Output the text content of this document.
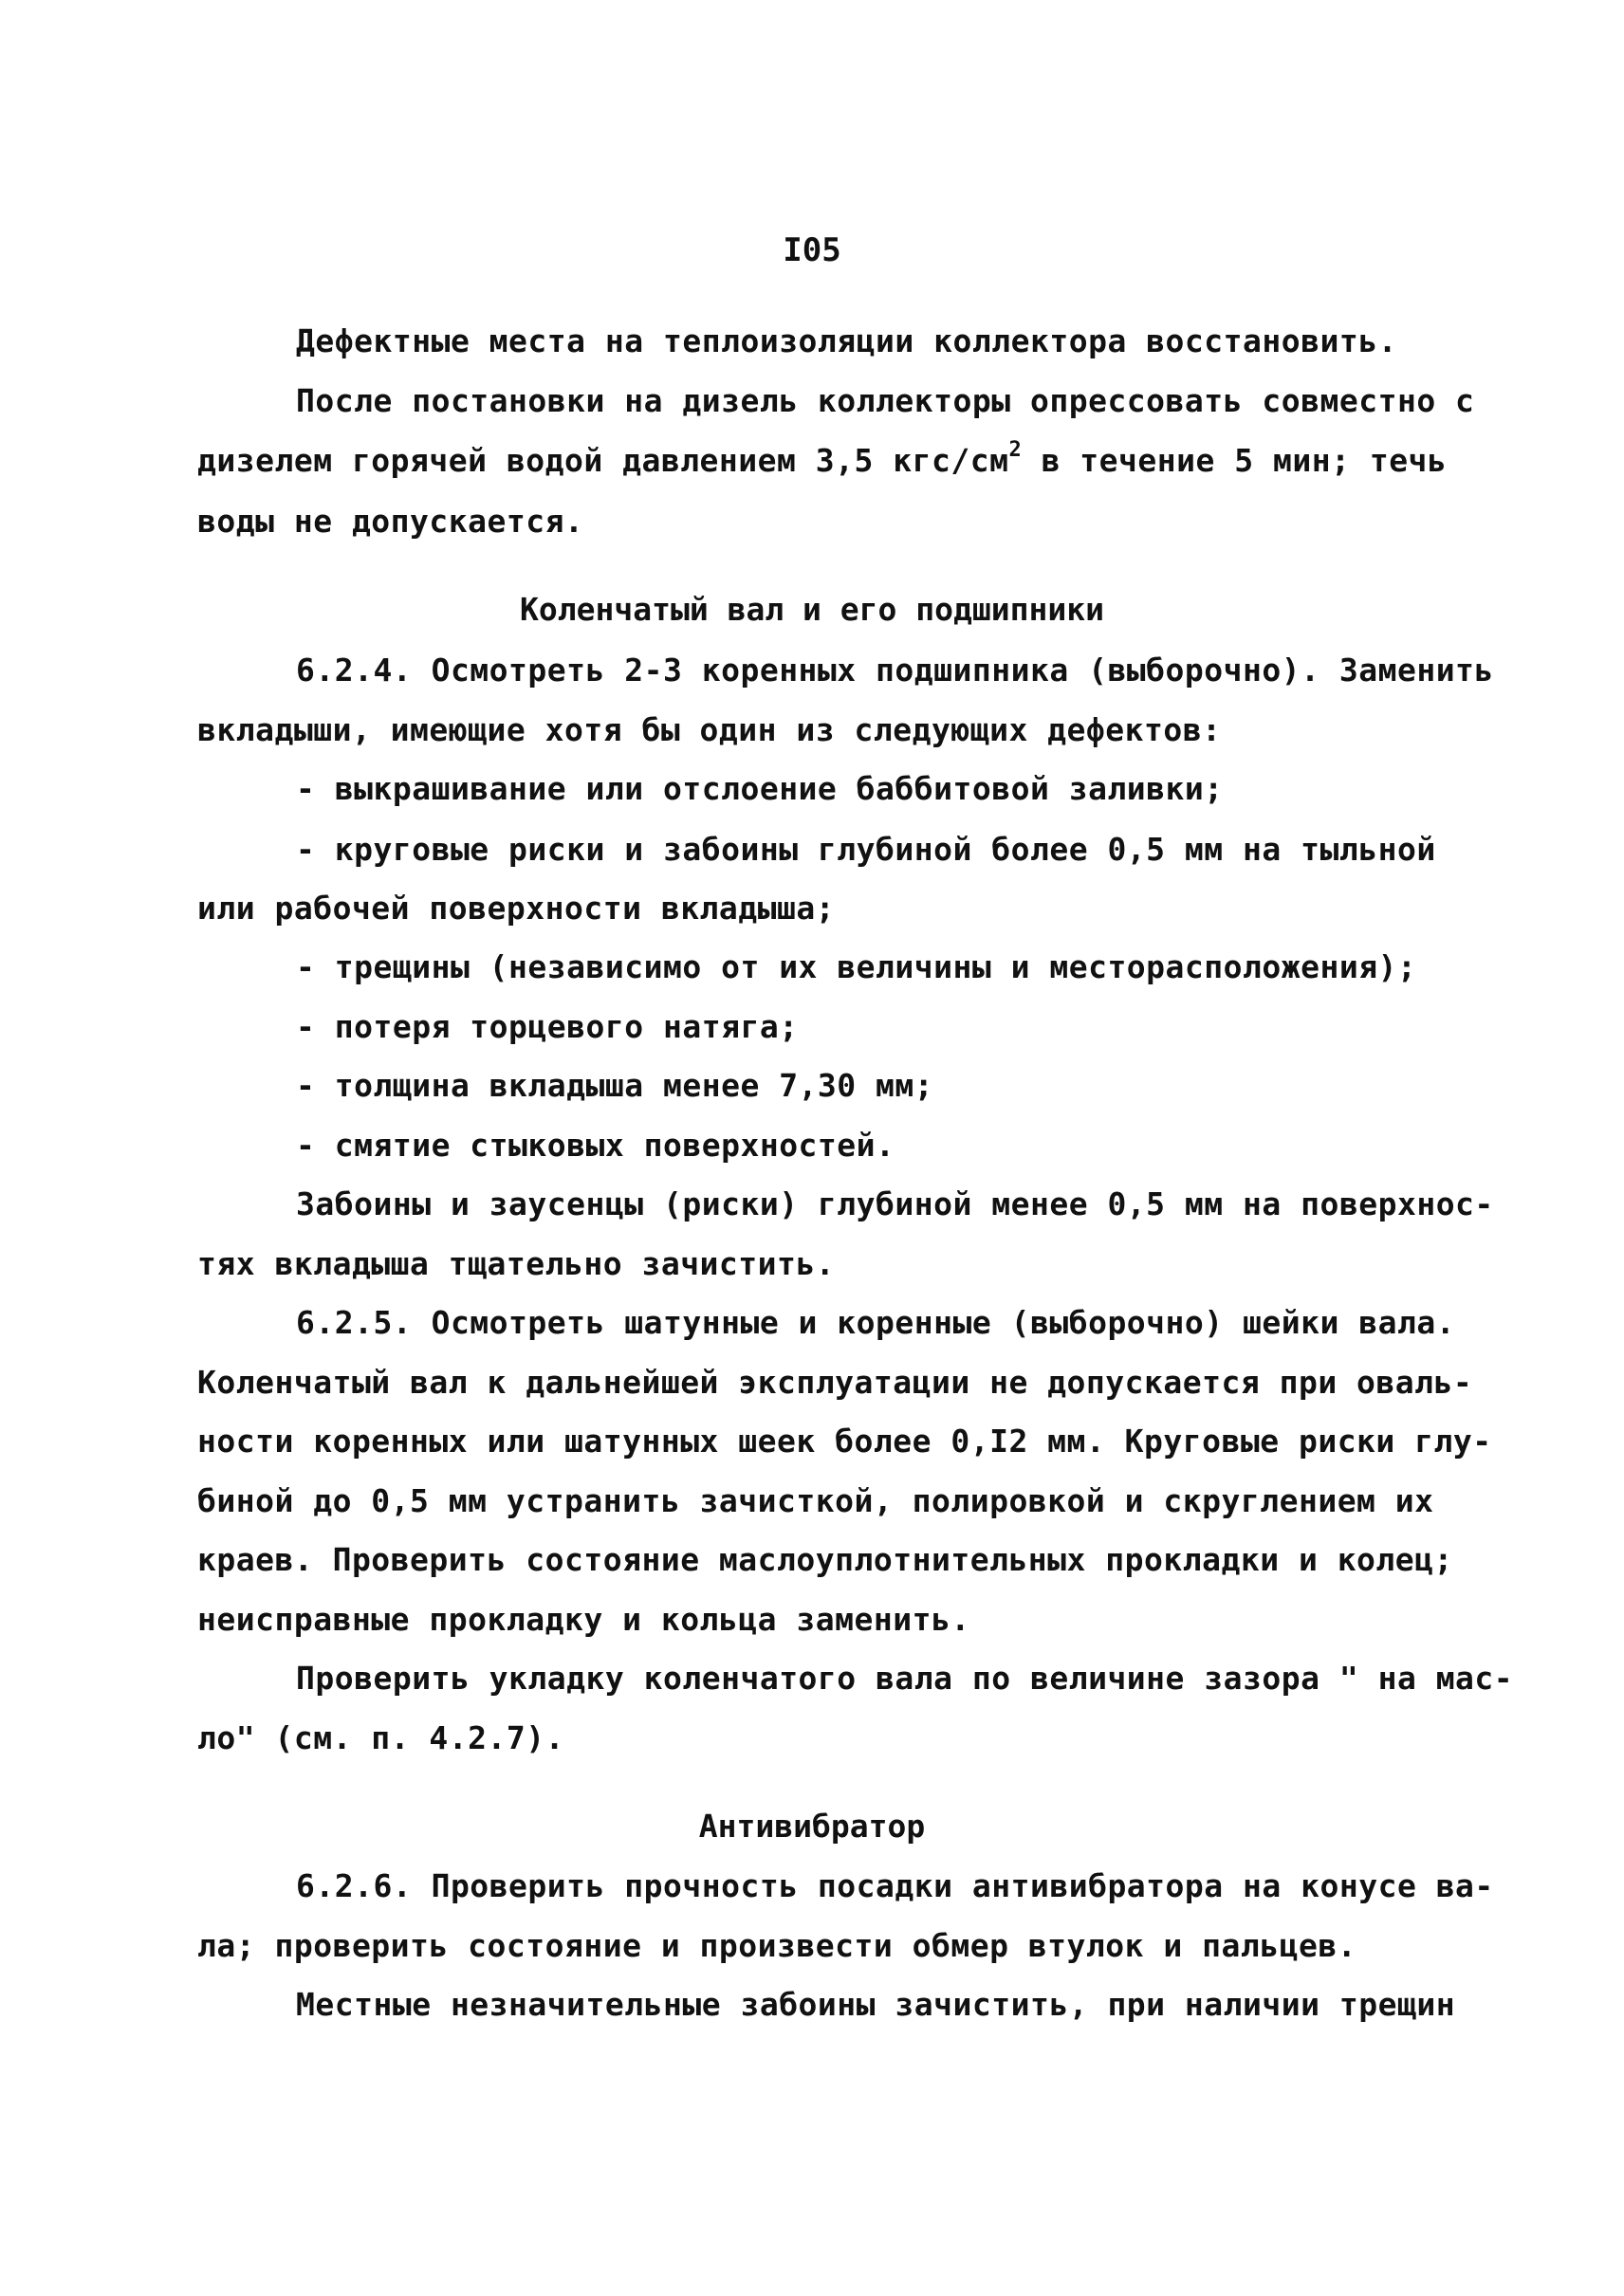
I05
Дефектные места на теплоизоляции коллектора восстановить.
После постановки на дизель коллекторы опрессовать совместно с
дизелем горячей водой давлением 3,5 кгс/$см^2$ в течение 5 мин; течь
воды не допускается.
Коленчатый вал и его подшипники
6.2.4. Осмотреть 2-3 коренных подшипника (выборочно). Заменить
вкладыши, имеющие хотя бы один из следующих дефектов:
- выкрашивание или отслоение баббитовой заливки;
- круговые риски и забоины глубиной более 0,5 мм на тыльной
или рабочей поверхности вкладыша;
- трещины (независимо от их величины и месторасположения);
- потеря торцевого натяга;
- толщина вкладыша менее 7,30 мм;
- смятие стыковых поверхностей.
Забоины и заусенцы (риски) глубиной менее 0,5 мм на поверхнос-
тях вкладыша тщательно зачистить.
6.2.5. Осмотреть шатунные и коренные (выборочно) шейки вала.
Коленчатый вал к дальнейшей эксплуатации не допускается при оваль-
ности коренных или шатунных шеек более 0,I2 мм. Круговые риски глу-
биной до 0,5 мм устранить зачисткой, полировкой и скруглением их
краев. Проверить состояние маслоуплотнительных прокладки и колец;
неисправные прокладку и кольца заменить.
Проверить укладку коленчатого вала по величине зазора " на мас-
ло" (см. п. 4.2.7).
Антивибратор
6.2.6. Проверить прочность посадки антивибратора на конусе ва-
ла; проверить состояние и произвести обмер втулок и пальцев.
Местные незначительные забоины зачистить, при наличии трещин
